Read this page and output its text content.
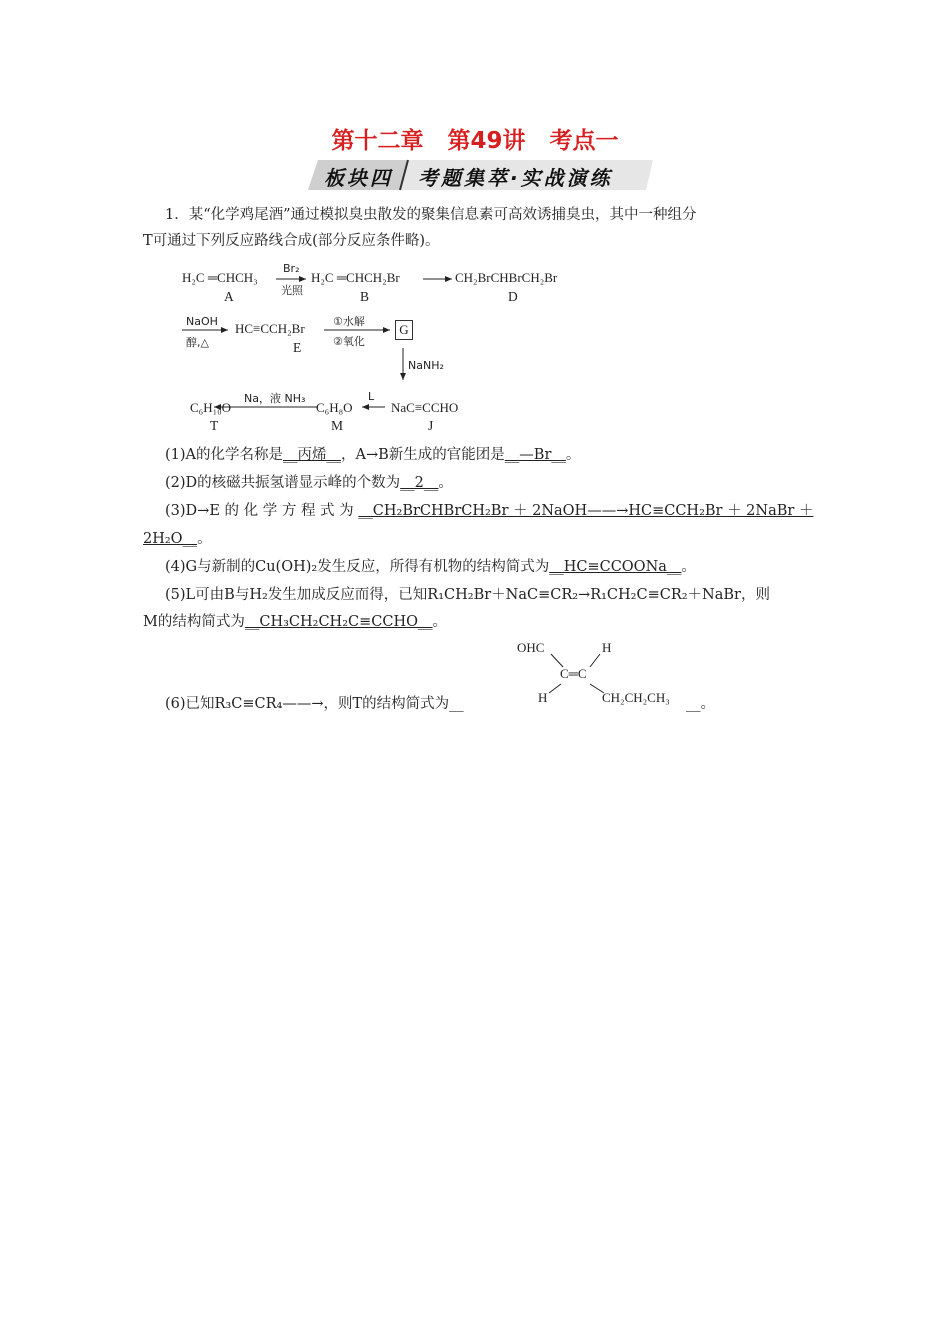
第十二章 第49讲 考点一
板块四 考题集萃·实战演练
1．某“化学鸡尾酒”通过模拟臭虫散发的聚集信息素可高效诱捕臭虫，其中一种组分
T可通过下列反应路线合成(部分反应条件略)。
H₂C ═CHCH₃
A
Br₂
光照
H₂C ═CHCH₂Br
B
CH₂BrCHBrCH₂Br
D
NaOH
醇,△
HC≡CCH₂Br
E
①水解
②氧化
G
NaNH₂
C₆H₁₀O
T
Na，液 NH₃
C₆H₈O
M
L
NaC≡CCHO
J
(1)A的化学名称是__丙烯__，A→B新生成的官能团是__—Br__。
(2)D的核磁共振氢谱显示峰的个数为__2__。
(3)D→E 的 化 学 方 程 式 为 __CH₂BrCHBrCH₂Br ＋ 2NaOH——→HC≡CCH₂Br ＋ 2NaBr ＋
2H₂O__。
(4)G与新制的Cu(OH)₂发生反应，所得有机物的结构简式为__HC≡CCOONa__。
(5)L可由B与H₂发生加成反应而得，已知R₁CH₂Br＋NaC≡CR₂→R₁CH₂C≡CR₂＋NaBr，则
M的结构简式为__CH₃CH₂CH₂C≡CCHO__。
(6)已知R₃C≡CR₄——→，则T的结构简式为__	__。
OHC	H
C═C
H	CH₂CH₂CH₃
